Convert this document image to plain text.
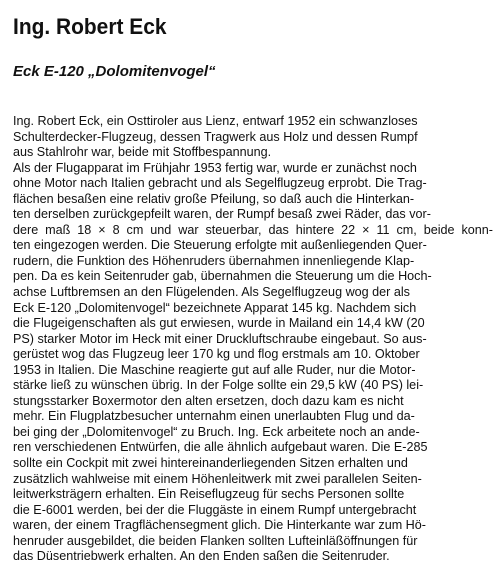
Ing. Robert Eck
Eck E-120 „Dolomitenvogel“
Ing. Robert Eck, ein Osttiroler aus Lienz, entwarf 1952 ein schwanzloses
Schulterdecker-Flugzeug, dessen Tragwerk aus Holz und dessen Rumpf
aus Stahlrohr war, beide mit Stoffbespannung.
Als der Flugapparat im Frühjahr 1953 fertig war, wurde er zunächst noch
ohne Motor nach Italien gebracht und als Segelflugzeug erprobt. Die Trag-
flächen besaßen eine relativ große Pfeilung, so daß auch die Hinterkan-
ten derselben zurückgepfeilt waren, der Rumpf besaß zwei Räder, das vor-
dere maß 18 × 8 cm und war steuerbar, das hintere 22 × 11 cm, beide konn-
ten eingezogen werden. Die Steuerung erfolgte mit außenliegenden Quer-
rudern, die Funktion des Höhenruders übernahmen innenliegende Klap-
pen. Da es kein Seitenruder gab, übernahmen die Steuerung um die Hoch-
achse Luftbremsen an den Flügelenden. Als Segelflugzeug wog der als
Eck E-120 „Dolomitenvogel“ bezeichnete Apparat 145 kg. Nachdem sich
die Flugeigenschaften als gut erwiesen, wurde in Mailand ein 14,4 kW (20
PS) starker Motor im Heck mit einer Druckluftschraube eingebaut. So aus-
gerüstet wog das Flugzeug leer 170 kg und flog erstmals am 10. Oktober
1953 in Italien. Die Maschine reagierte gut auf alle Ruder, nur die Motor-
stärke ließ zu wünschen übrig. In der Folge sollte ein 29,5 kW (40 PS) lei-
stungsstarker Boxermotor den alten ersetzen, doch dazu kam es nicht
mehr. Ein Flugplatzbesucher unternahm einen unerlaubten Flug und da-
bei ging der „Dolomitenvogel“ zu Bruch. Ing. Eck arbeitete noch an ande-
ren verschiedenen Entwürfen, die alle ähnlich aufgebaut waren. Die E-285
sollte ein Cockpit mit zwei hintereinanderliegenden Sitzen erhalten und
zusätzlich wahlweise mit einem Höhenleitwerk mit zwei parallelen Seiten-
leitwerksträgern erhalten. Ein Reiseflugzeug für sechs Personen sollte
die E-6001 werden, bei der die Fluggäste in einem Rumpf untergebracht
waren, der einem Tragflächensegment glich. Die Hinterkante war zum Hö-
henruder ausgebildet, die beiden Flanken sollten Lufteinläßöffnungen für
das Düsentriebwerk erhalten. An den Enden saßen die Seitenruder.
